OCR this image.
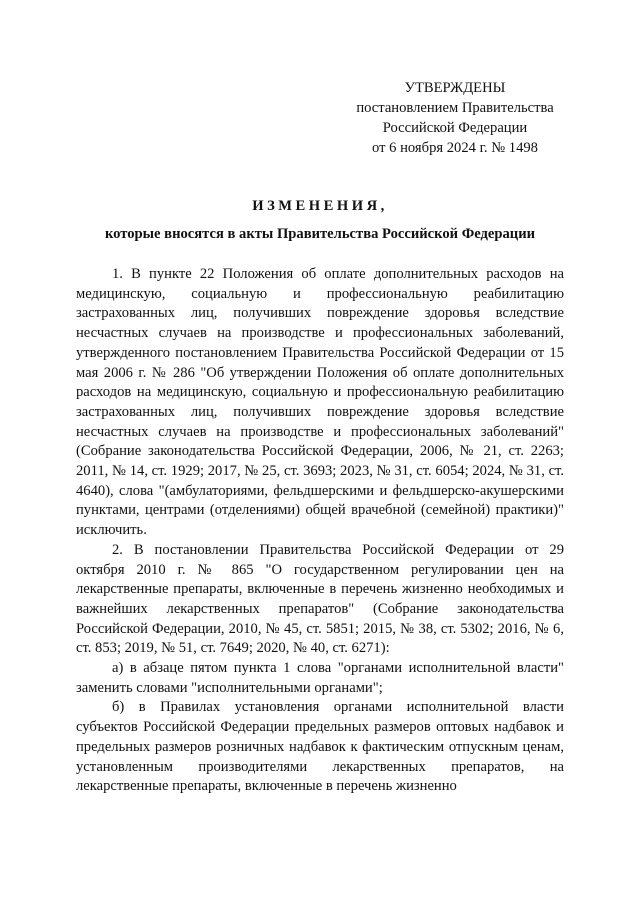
УТВЕРЖДЕНЫ
постановлением Правительства
Российской Федерации
от 6 ноября 2024 г. № 1498
ИЗМЕНЕНИЯ,
которые вносятся в акты Правительства Российской Федерации

1. В пункте 22 Положения об оплате дополнительных расходов на медицинскую, социальную и профессиональную реабилитацию застрахованных лиц, получивших повреждение здоровья вследствие несчастных случаев на производстве и профессиональных заболеваний, утвержденного постановлением Правительства Российской Федерации от 15 мая 2006 г. № 286 "Об утверждении Положения об оплате дополнительных расходов на медицинскую, социальную и профессиональную реабилитацию застрахованных лиц, получивших повреждение здоровья вследствие несчастных случаев на производстве и профессиональных заболеваний" (Собрание законодательства Российской Федерации, 2006, № 21, ст. 2263; 2011, № 14, ст. 1929; 2017, № 25, ст. 3693; 2023, № 31, ст. 6054; 2024, № 31, ст. 4640), слова "(амбулаториями, фельдшерскими и фельдшерско-акушерскими пунктами, центрами (отделениями) общей врачебной (семейной) практики)" исключить.

2. В постановлении Правительства Российской Федерации от 29 октября 2010 г. № 865 "О государственном регулировании цен на лекарственные препараты, включенные в перечень жизненно необходимых и важнейших лекарственных препаратов" (Собрание законодательства Российской Федерации, 2010, № 45, ст. 5851; 2015, № 38, ст. 5302; 2016, № 6, ст. 853; 2019, № 51, ст. 7649; 2020, № 40, ст. 6271):

а) в абзаце пятом пункта 1 слова "органами исполнительной власти" заменить словами "исполнительными органами";

б) в Правилах установления органами исполнительной власти субъектов Российской Федерации предельных размеров оптовых надбавок и предельных размеров розничных надбавок к фактическим отпускным ценам, установленным производителями лекарственных препаратов, на лекарственные препараты, включенные в перечень жизненно
